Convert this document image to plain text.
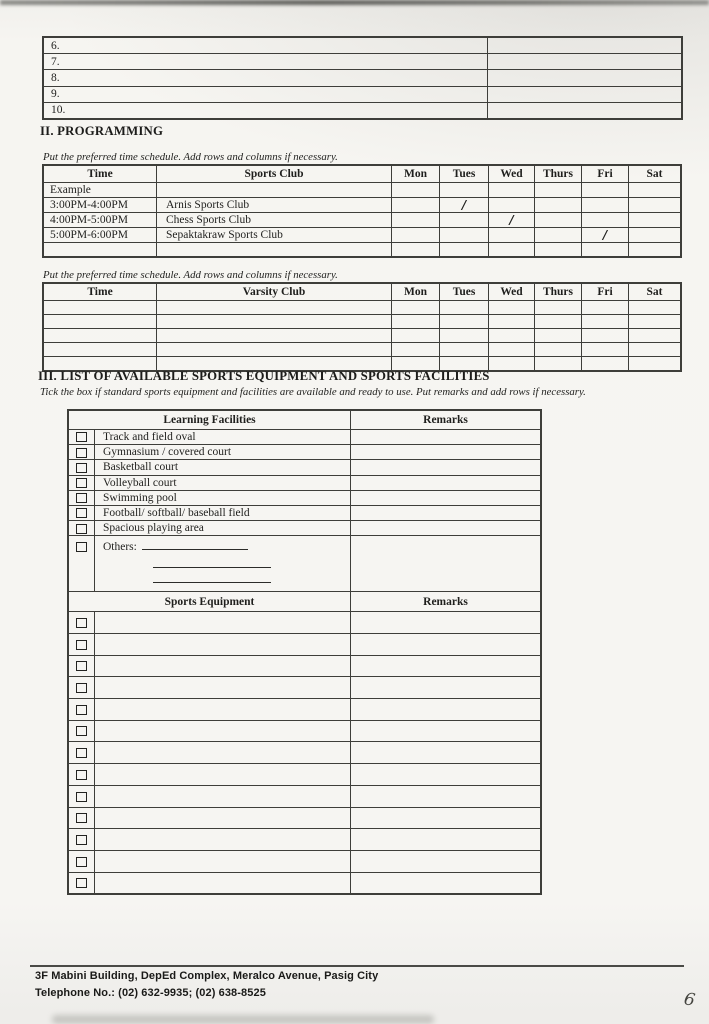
6.	
7.	
8.	
9.	
10.	
II. PROGRAMMING
Put the preferred time schedule. Add rows and columns if necessary.
Time	Sports Club	Mon	Tues	Wed	Thurs	Fri	Sat
Example							
3:00PM-4:00PM	Arnis Sports Club		/				
4:00PM-5:00PM	Chess Sports Club			/			
5:00PM-6:00PM	Sepaktakraw Sports Club					/	

Put the preferred time schedule. Add rows and columns if necessary.
Time	Varsity Club	Mon	Tues	Wed	Thurs	Fri	Sat

III. LIST OF AVAILABLE SPORTS EQUIPMENT AND SPORTS FACILITIES
Tick the box if standard sports equipment and facilities are available and ready to use. Put remarks and add rows if necessary.
Learning Facilities		Remarks
	Track and field oval	
	Gymnasium / covered court	
	Basketball court	
	Volleyball court	
	Swimming pool	
	Football/ softball/ baseball field	
	Spacious playing area	

	Others:	

Sports Equipment		Remarks

3F Mabini Building, DepEd Complex, Meralco Avenue, Pasig City
Telephone No.: (02) 632-9935; (02) 638-8525	6
